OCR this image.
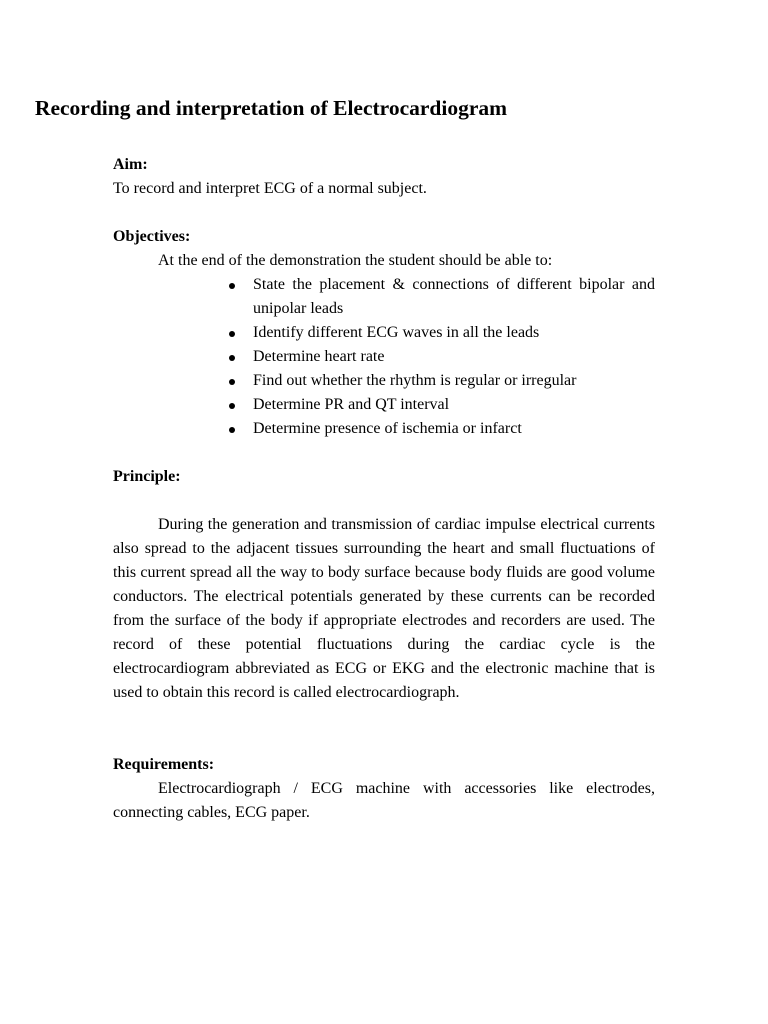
Recording and interpretation of Electrocardiogram

Aim:

To record and interpret ECG of a normal subject.

Objectives:

At the end of the demonstration the student should be able to:

State the placement & connections of different bipolar and unipolar leads
Identify different ECG waves in all the leads
Determine heart rate
Find out whether the rhythm is regular or irregular
Determine PR and QT interval
Determine presence of ischemia or infarct

Principle:

During the generation and transmission of cardiac impulse electrical currents also spread to the adjacent tissues surrounding the heart and small fluctuations of this current spread all the way to body surface because body fluids are good volume conductors. The electrical potentials generated by these currents can be recorded from the surface of the body if appropriate electrodes and recorders are used. The record of these potential fluctuations during the cardiac cycle is the electrocardiogram abbreviated as ECG or EKG and the electronic machine that is used to obtain this record is called electrocardiograph.

Requirements:

Electrocardiograph / ECG machine with accessories like electrodes, connecting cables, ECG paper.
